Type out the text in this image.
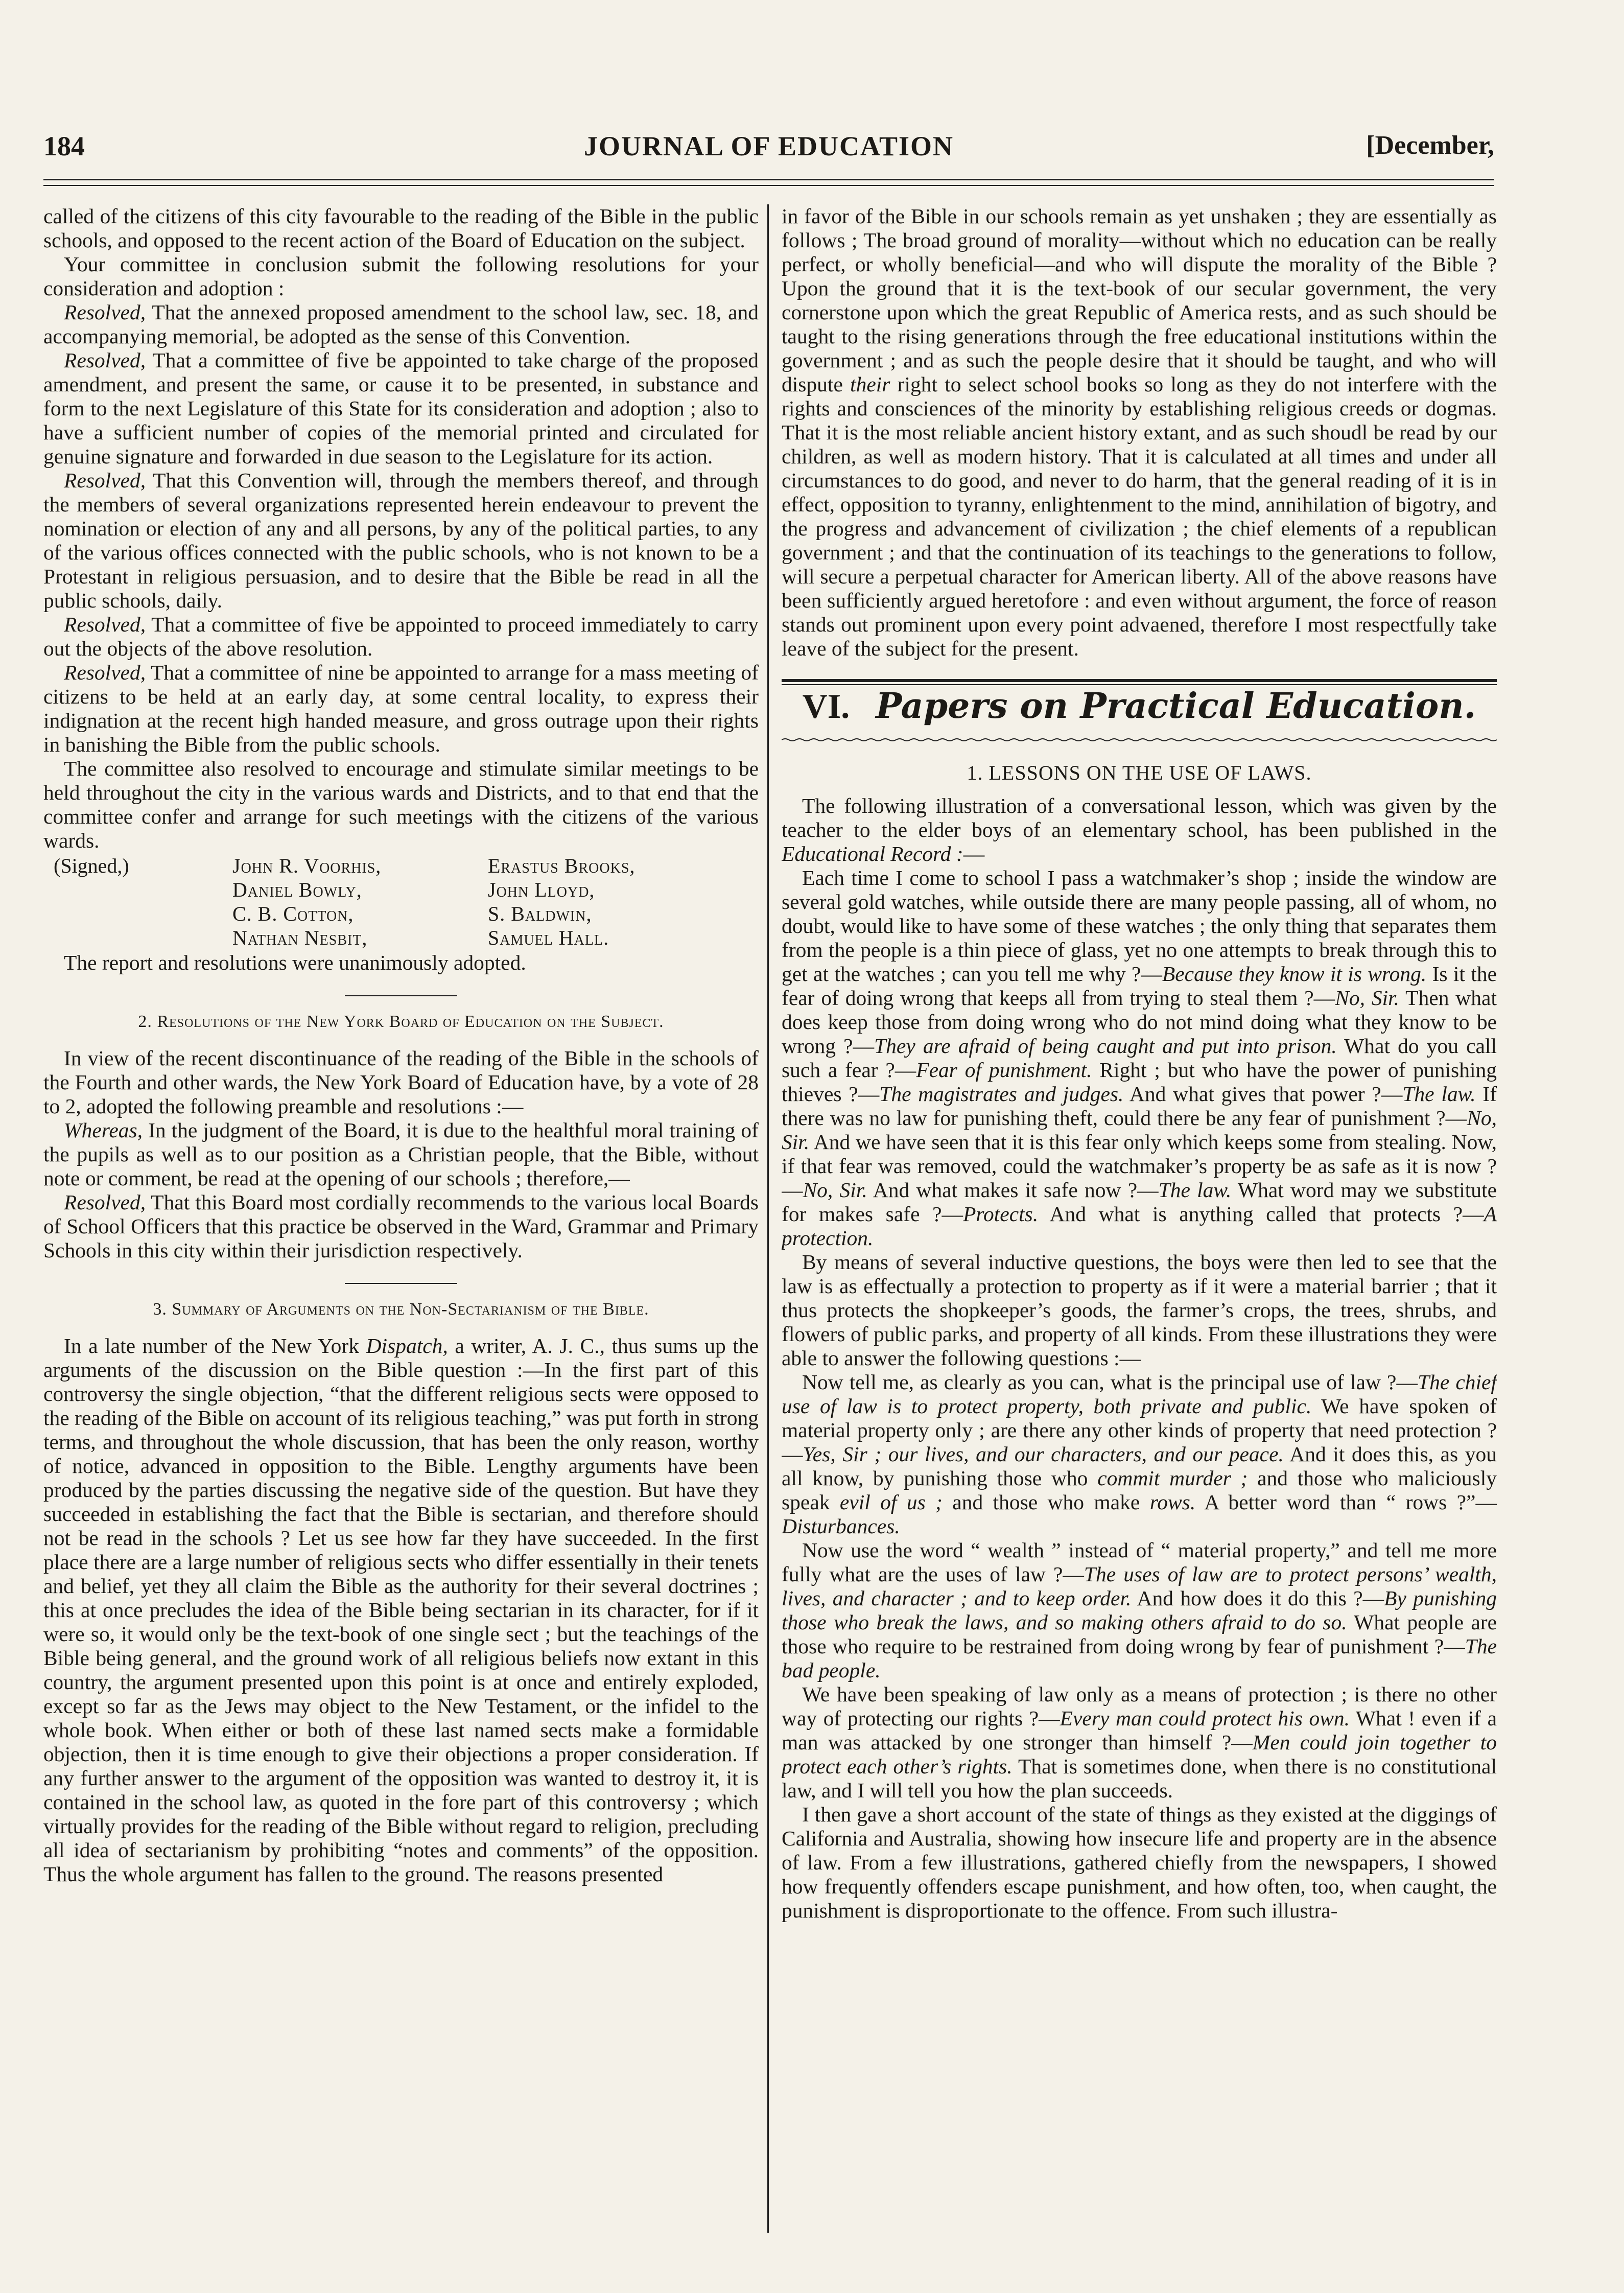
184	JOURNAL OF EDUCATION	[December,

called of the citizens of this city favourable to the reading of the Bible in the public schools, and opposed to the recent action of the Board of Education on the subject.

Your committee in conclusion submit the following resolutions for your consideration and adoption :

Resolved, That the annexed proposed amendment to the school law, sec. 18, and accompanying memorial, be adopted as the sense of this Convention.

Resolved, That a committee of five be appointed to take charge of the proposed amendment, and present the same, or cause it to be presented, in substance and form to the next Legislature of this State for its consideration and adoption ; also to have a sufficient number of copies of the memorial printed and circulated for genuine signature and forwarded in due season to the Legislature for its action.

Resolved, That this Convention will, through the members thereof, and through the members of several organizations represented herein endeavour to prevent the nomination or election of any and all persons, by any of the political parties, to any of the various offices connected with the public schools, who is not known to be a Protestant in religious persuasion, and to desire that the Bible be read in all the public schools, daily.

Resolved, That a committee of five be appointed to proceed immediately to carry out the objects of the above resolution.

Resolved, That a committee of nine be appointed to arrange for a mass meeting of citizens to be held at an early day, at some central locality, to express their indignation at the recent high handed measure, and gross outrage upon their rights in banishing the Bible from the public schools.

The committee also resolved to encourage and stimulate similar meetings to be held throughout the city in the various wards and Districts, and to that end that the committee confer and arrange for such meetings with the citizens of the various wards.

(Signed,)	John R. Voorhis,	Erastus Brooks,
	Daniel Bowly,	John Lloyd,
	C. B. Cotton,	S. Baldwin,
	Nathan Nesbit,	Samuel Hall.

The report and resolutions were unanimously adopted.

2. Resolutions of the New York Board of Education on the Subject.

In view of the recent discontinuance of the reading of the Bible in the schools of the Fourth and other wards, the New York Board of Education have, by a vote of 28 to 2, adopted the following preamble and resolutions :—

Whereas, In the judgment of the Board, it is due to the healthful moral training of the pupils as well as to our position as a Christian people, that the Bible, without note or comment, be read at the opening of our schools ; therefore,—

Resolved, That this Board most cordially recommends to the various local Boards of School Officers that this practice be observed in the Ward, Grammar and Primary Schools in this city within their jurisdiction respectively.

3. Summary of Arguments on the Non-Sectarianism of the Bible.

In a late number of the New York Dispatch, a writer, A. J. C., thus sums up the arguments of the discussion on the Bible question :—In the first part of this controversy the single objection, “that the different religious sects were opposed to the reading of the Bible on account of its religious teaching,” was put forth in strong terms, and throughout the whole discussion, that has been the only reason, worthy of notice, advanced in opposition to the Bible. Lengthy arguments have been produced by the parties discussing the negative side of the question. But have they succeeded in establishing the fact that the Bible is sectarian, and therefore should not be read in the schools ? Let us see how far they have succeeded. In the first place there are a large number of religious sects who differ essentially in their tenets and belief, yet they all claim the Bible as the authority for their several doctrines ; this at once precludes the idea of the Bible being sectarian in its character, for if it were so, it would only be the text-book of one single sect ; but the teachings of the Bible being general, and the ground work of all religious beliefs now extant in this country, the argument presented upon this point is at once and entirely exploded, except so far as the Jews may object to the New Testament, or the infidel to the whole book. When either or both of these last named sects make a formidable objection, then it is time enough to give their objections a proper consideration. If any further answer to the argument of the opposition was wanted to destroy it, it is contained in the school law, as quoted in the fore part of this controversy ; which virtually provides for the reading of the Bible without regard to religion, precluding all idea of sectarianism by prohibiting “notes and comments” of the opposition. Thus the whole argument has fallen to the ground. The reasons presented

in favor of the Bible in our schools remain as yet unshaken ; they are essentially as follows ; The broad ground of morality—without which no education can be really perfect, or wholly beneficial—and who will dispute the morality of the Bible ? Upon the ground that it is the text-book of our secular government, the very cornerstone upon which the great Republic of America rests, and as such should be taught to the rising generations through the free educational institutions within the government ; and as such the people desire that it should be taught, and who will dispute their right to select school books so long as they do not interfere with the rights and consciences of the minority by establishing religious creeds or dogmas. That it is the most reliable ancient history extant, and as such shoudl be read by our children, as well as modern history. That it is calculated at all times and under all circumstances to do good, and never to do harm, that the general reading of it is in effect, opposition to tyranny, enlightenment to the mind, annihilation of bigotry, and the progress and advancement of civilization ; the chief elements of a republican government ; and that the continuation of its teachings to the generations to follow, will secure a perpetual character for American liberty. All of the above reasons have been sufficiently argued heretofore : and even without argument, the force of reason stands out prominent upon every point advaened, therefore I most respectfully take leave of the subject for the present.

VI. Papers on Practical Education.
1. LESSONS ON THE USE OF LAWS.

The following illustration of a conversational lesson, which was given by the teacher to the elder boys of an elementary school, has been published in the Educational Record :—

Each time I come to school I pass a watchmaker’s shop ; inside the window are several gold watches, while outside there are many people passing, all of whom, no doubt, would like to have some of these watches ; the only thing that separates them from the people is a thin piece of glass, yet no one attempts to break through this to get at the watches ; can you tell me why ?—Because they know it is wrong. Is it the fear of doing wrong that keeps all from trying to steal them ?—No, Sir. Then what does keep those from doing wrong who do not mind doing what they know to be wrong ?—They are afraid of being caught and put into prison. What do you call such a fear ?—Fear of punishment. Right ; but who have the power of punishing thieves ?—The magistrates and judges. And what gives that power ?—The law. If there was no law for punishing theft, could there be any fear of punishment ?—No, Sir. And we have seen that it is this fear only which keeps some from stealing. Now, if that fear was removed, could the watchmaker’s property be as safe as it is now ?—No, Sir. And what makes it safe now ?—The law. What word may we substitute for makes safe ?—Protects. And what is anything called that protects ?—A protection.

By means of several inductive questions, the boys were then led to see that the law is as effectually a protection to property as if it were a material barrier ; that it thus protects the shopkeeper’s goods, the farmer’s crops, the trees, shrubs, and flowers of public parks, and property of all kinds. From these illustrations they were able to answer the following questions :—

Now tell me, as clearly as you can, what is the principal use of law ?—The chief use of law is to protect property, both private and public. We have spoken of material property only ; are there any other kinds of property that need protection ?—Yes, Sir ; our lives, and our characters, and our peace. And it does this, as you all know, by punishing those who commit murder ; and those who maliciously speak evil of us ; and those who make rows. A better word than “ rows ?”—Disturbances.

Now use the word “ wealth ” instead of “ material property,” and tell me more fully what are the uses of law ?—The uses of law are to protect persons’ wealth, lives, and character ; and to keep order. And how does it do this ?—By punishing those who break the laws, and so making others afraid to do so. What people are those who require to be restrained from doing wrong by fear of punishment ?—The bad people.

We have been speaking of law only as a means of protection ; is there no other way of protecting our rights ?—Every man could protect his own. What ! even if a man was attacked by one stronger than himself ?—Men could join together to protect each other’s rights. That is sometimes done, when there is no constitutional law, and I will tell you how the plan succeeds.

I then gave a short account of the state of things as they existed at the diggings of California and Australia, showing how insecure life and property are in the absence of law. From a few illustrations, gathered chiefly from the newspapers, I showed how frequently offenders escape punishment, and how often, too, when caught, the punishment is disproportionate to the offence. From such illustra-
